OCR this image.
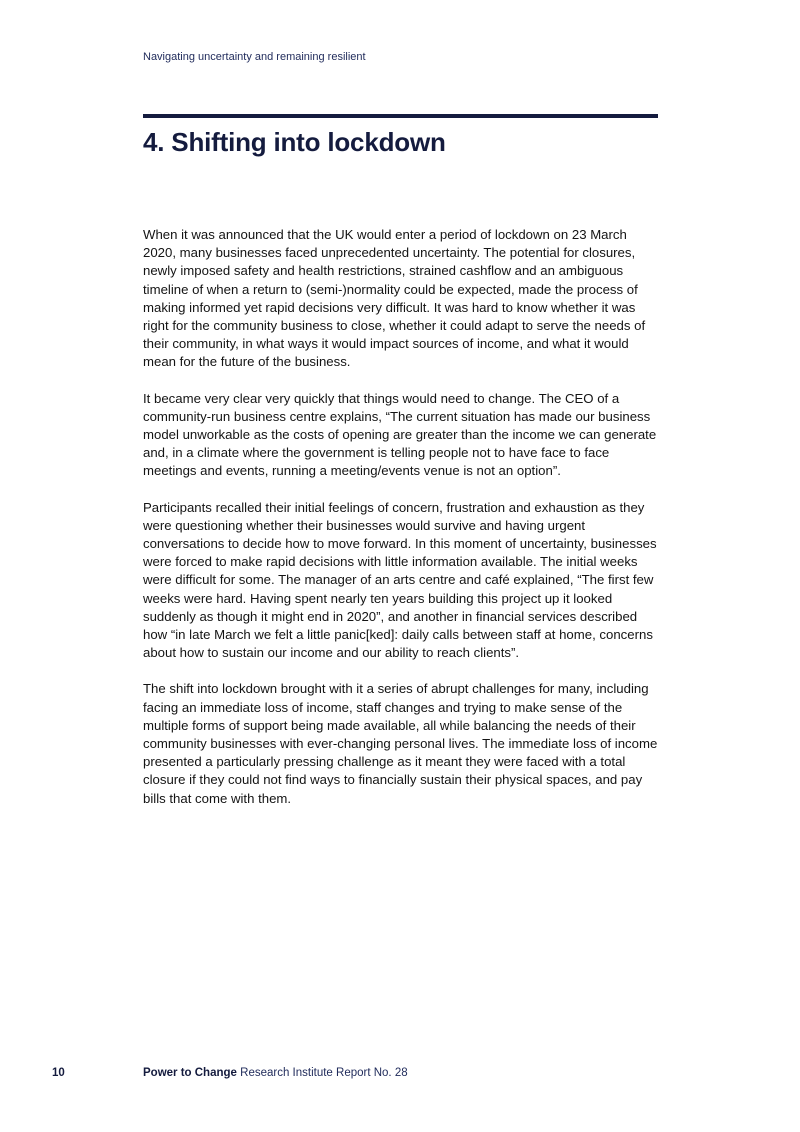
Navigating uncertainty and remaining resilient
4. Shifting into lockdown

When it was announced that the UK would enter a period of lockdown on 23 March 2020, many businesses faced unprecedented uncertainty. The potential for closures, newly imposed safety and health restrictions, strained cashflow and an ambiguous timeline of when a return to (semi-)normality could be expected, made the process of making informed yet rapid decisions very difficult. It was hard to know whether it was right for the community business to close, whether it could adapt to serve the needs of their community, in what ways it would impact sources of income, and what it would mean for the future of the business.

It became very clear very quickly that things would need to change. The CEO of a community-run business centre explains, “The current situation has made our business model unworkable as the costs of opening are greater than the income we can generate and, in a climate where the government is telling people not to have face to face meetings and events, running a meeting/events venue is not an option”.

Participants recalled their initial feelings of concern, frustration and exhaustion as they were questioning whether their businesses would survive and having urgent conversations to decide how to move forward. In this moment of uncertainty, businesses were forced to make rapid decisions with little information available. The initial weeks were difficult for some. The manager of an arts centre and café explained, “The first few weeks were hard. Having spent nearly ten years building this project up it looked suddenly as though it might end in 2020”, and another in financial services described how “in late March we felt a little panic[ked]: daily calls between staff at home, concerns about how to sustain our income and our ability to reach clients”.

The shift into lockdown brought with it a series of abrupt challenges for many, including facing an immediate loss of income, staff changes and trying to make sense of the multiple forms of support being made available, all while balancing the needs of their community businesses with ever-changing personal lives. The immediate loss of income presented a particularly pressing challenge as it meant they were faced with a total closure if they could not find ways to financially sustain their physical spaces, and pay bills that come with them.

10	Power to Change Research Institute Report No. 28
